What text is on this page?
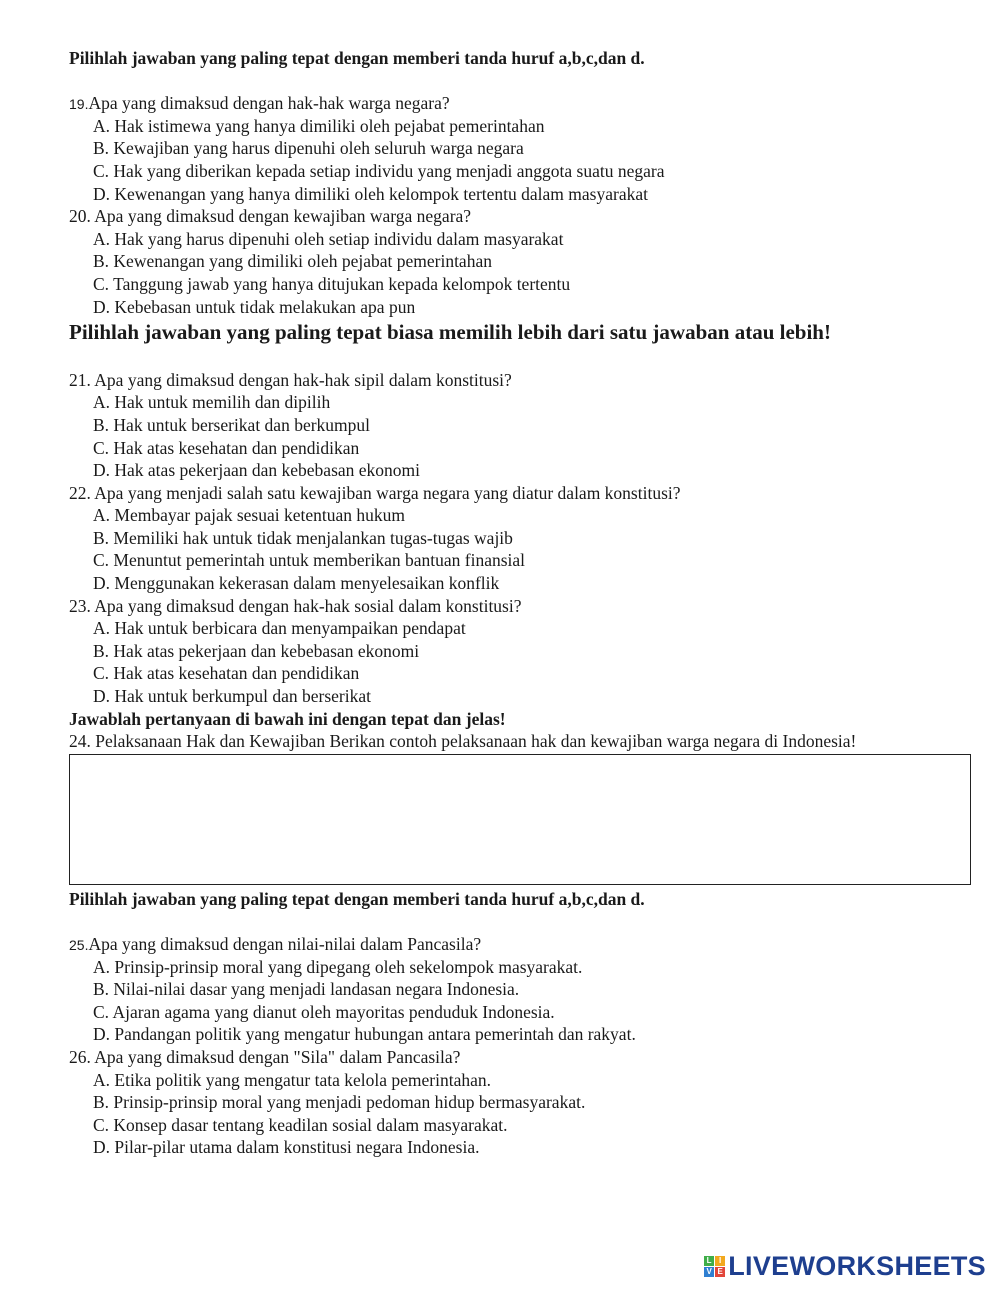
Pilihlah jawaban yang paling tepat dengan memberi tanda huruf a,b,c,dan d.
19.Apa yang dimaksud dengan hak-hak warga negara?
A. Hak istimewa yang hanya dimiliki oleh pejabat pemerintahan
B. Kewajiban yang harus dipenuhi oleh seluruh warga negara
C. Hak yang diberikan kepada setiap individu yang menjadi anggota suatu negara
D. Kewenangan yang hanya dimiliki oleh kelompok tertentu dalam masyarakat
20. Apa yang dimaksud dengan kewajiban warga negara?
A. Hak yang harus dipenuhi oleh setiap individu dalam masyarakat
B. Kewenangan yang dimiliki oleh pejabat pemerintahan
C. Tanggung jawab yang hanya ditujukan kepada kelompok tertentu
D. Kebebasan untuk tidak melakukan apa pun
Pilihlah jawaban yang paling tepat biasa memilih lebih dari satu jawaban atau lebih!
21. Apa yang dimaksud dengan hak-hak sipil dalam konstitusi?
A. Hak untuk memilih dan dipilih
B. Hak untuk berserikat dan berkumpul
C. Hak atas kesehatan dan pendidikan
D. Hak atas pekerjaan dan kebebasan ekonomi
22. Apa yang menjadi salah satu kewajiban warga negara yang diatur dalam konstitusi?
A. Membayar pajak sesuai ketentuan hukum
B. Memiliki hak untuk tidak menjalankan tugas-tugas wajib
C. Menuntut pemerintah untuk memberikan bantuan finansial
D. Menggunakan kekerasan dalam menyelesaikan konflik
23. Apa yang dimaksud dengan hak-hak sosial dalam konstitusi?
A. Hak untuk berbicara dan menyampaikan pendapat
B. Hak atas pekerjaan dan kebebasan ekonomi
C. Hak atas kesehatan dan pendidikan
D. Hak untuk berkumpul dan berserikat
Jawablah pertanyaan di bawah ini dengan tepat dan jelas!
24. Pelaksanaan Hak dan Kewajiban Berikan contoh pelaksanaan hak dan kewajiban warga negara di Indonesia!
Pilihlah jawaban yang paling tepat dengan memberi tanda huruf a,b,c,dan d.
25.Apa yang dimaksud dengan nilai-nilai dalam Pancasila?
A. Prinsip-prinsip moral yang dipegang oleh sekelompok masyarakat.
B. Nilai-nilai dasar yang menjadi landasan negara Indonesia.
C. Ajaran agama yang dianut oleh mayoritas penduduk Indonesia.
D. Pandangan politik yang mengatur hubungan antara pemerintah dan rakyat.
26. Apa yang dimaksud dengan "Sila" dalam Pancasila?
A. Etika politik yang mengatur tata kelola pemerintahan.
B. Prinsip-prinsip moral yang menjadi pedoman hidup bermasyarakat.
C. Konsep dasar tentang keadilan sosial dalam masyarakat.
D. Pilar-pilar utama dalam konstitusi negara Indonesia.
L I
V E LIVEWORKSHEETS
